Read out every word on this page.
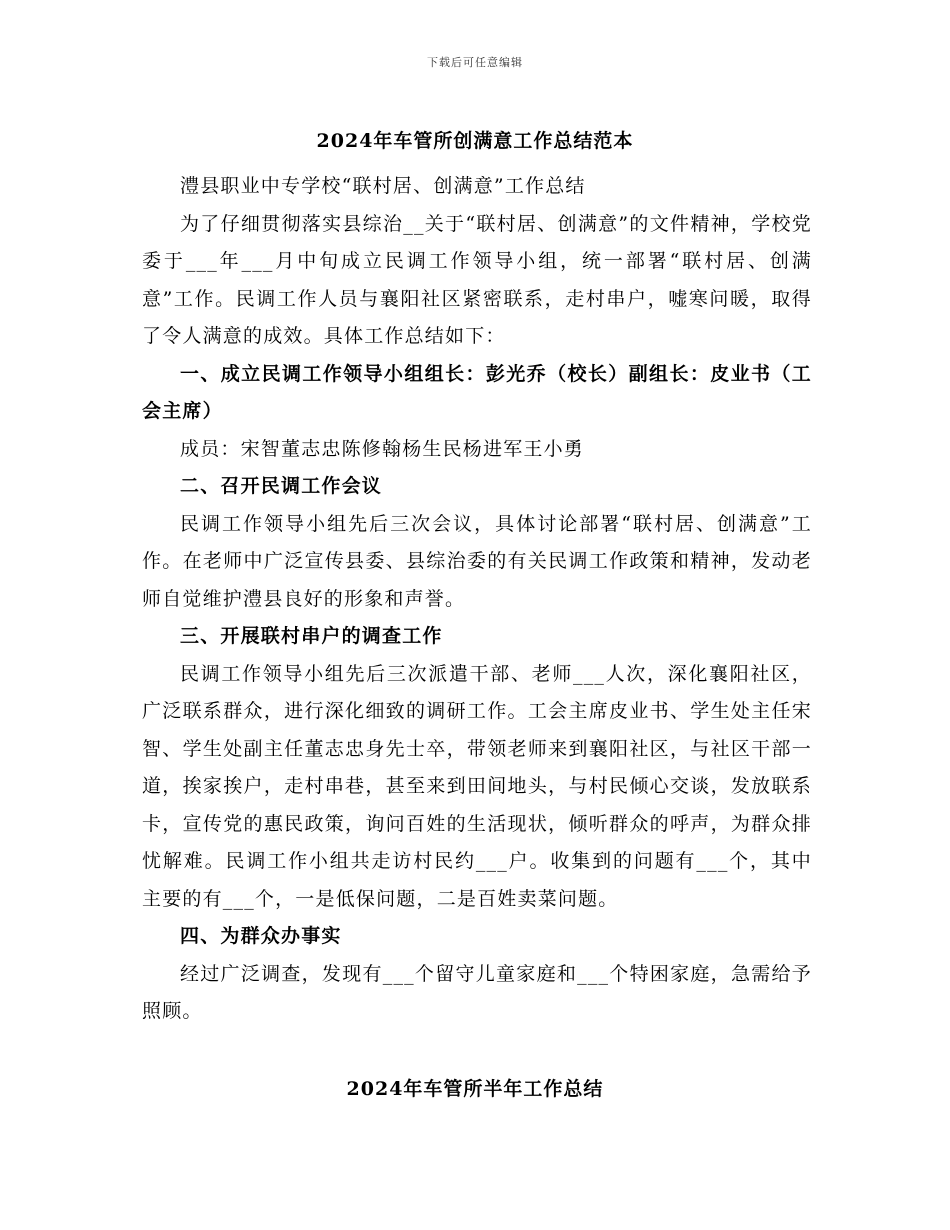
下载后可任意编辑
2024年车管所创满意工作总结范本

澧县职业中专学校“联村居、创满意”工作总结

为了仔细贯彻落实县综治__关于“联村居、创满意”的文件精神，学校党委于___年___月中旬成立民调工作领导小组，统一部署“联村居、创满意”工作。民调工作人员与襄阳社区紧密联系，走村串户，嘘寒问暖，取得了令人满意的成效。具体工作总结如下：

一、成立民调工作领导小组组长：彭光乔（校长）副组长：皮业书（工会主席）

成员：宋智董志忠陈修翰杨生民杨进军王小勇

二、召开民调工作会议

民调工作领导小组先后三次会议，具体讨论部署“联村居、创满意”工作。在老师中广泛宣传县委、县综治委的有关民调工作政策和精神，发动老师自觉维护澧县良好的形象和声誉。

三、开展联村串户的调查工作

民调工作领导小组先后三次派遣干部、老师___人次，深化襄阳社区，广泛联系群众，进行深化细致的调研工作。工会主席皮业书、学生处主任宋智、学生处副主任董志忠身先士卒，带领老师来到襄阳社区，与社区干部一道，挨家挨户，走村串巷，甚至来到田间地头，与村民倾心交谈，发放联系卡，宣传党的惠民政策，询问百姓的生活现状，倾听群众的呼声，为群众排忧解难。民调工作小组共走访村民约___户。收集到的问题有___个，其中主要的有___个，一是低保问题，二是百姓卖菜问题。

四、为群众办事实

经过广泛调查，发现有___个留守儿童家庭和___个特困家庭，急需给予照顾。

2024年车管所半年工作总结
